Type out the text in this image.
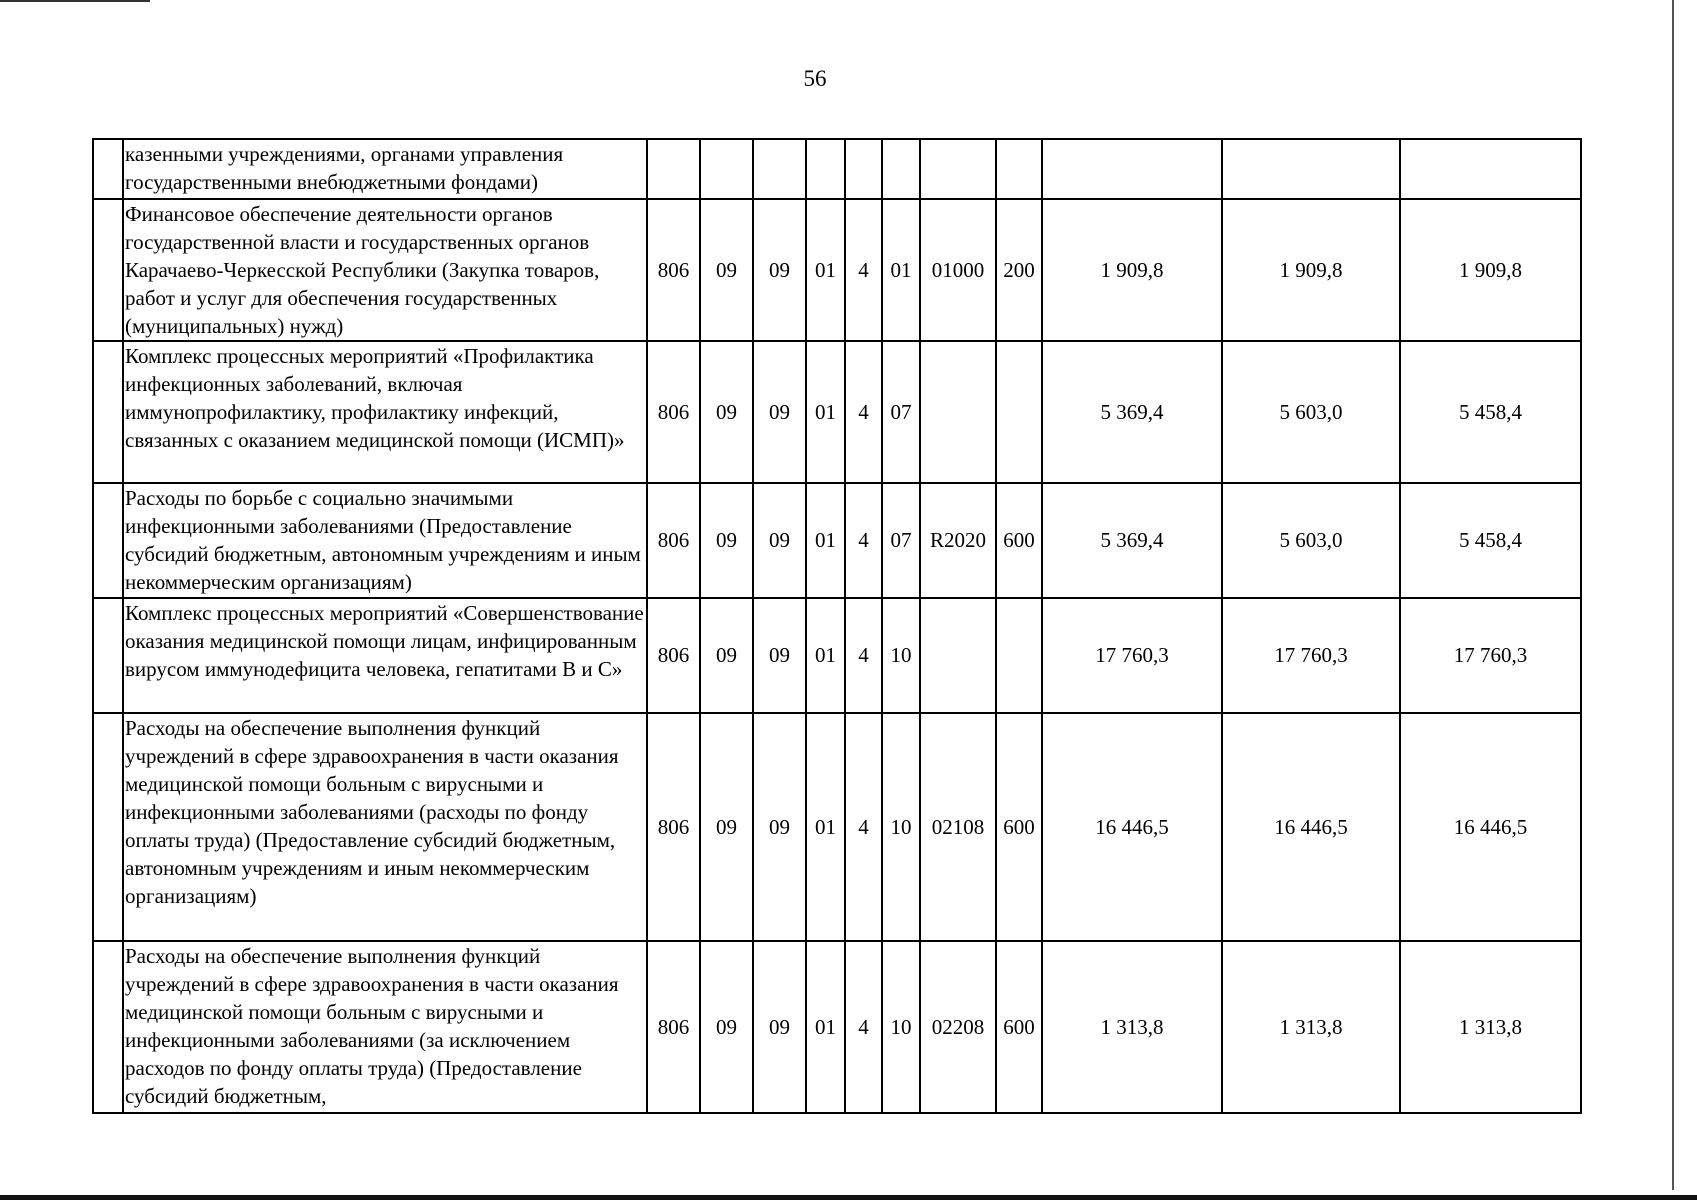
56
	казенными учреждениями, органами управления государственными внебюджетными фондами)											
	Финансовое обеспечение деятельности органов государственной власти и государственных органов Карачаево-Черкесской Республики (Закупка товаров, работ и услуг для обеспечения государственных (муниципальных) нужд)	806	09	09	01	4	01	01000	200	1 909,8	1 909,8	1 909,8
	Комплекс процессных мероприятий «Профилактика инфекционных заболеваний, включая иммунопрофилактику, профилактику инфекций, связанных с оказанием медицинской помощи (ИСМП)»	806	09	09	01	4	07			5 369,4	5 603,0	5 458,4
	Расходы по борьбе с социально значимыми инфекционными заболеваниями (Предоставление субсидий бюджетным, автономным учреждениям и иным некоммерческим организациям)	806	09	09	01	4	07	R2020	600	5 369,4	5 603,0	5 458,4
	Комплекс процессных мероприятий «Совершенствование оказания медицинской помощи лицам, инфицированным вирусом иммунодефицита человека, гепатитами В и С»	806	09	09	01	4	10			17 760,3	17 760,3	17 760,3
	Расходы на обеспечение выполнения функций учреждений в сфере здравоохранения в части оказания медицинской помощи больным с вирусными и инфекционными заболеваниями (расходы по фонду оплаты труда) (Предоставление субсидий бюджетным, автономным учреждениям и иным некоммерческим организациям)	806	09	09	01	4	10	02108	600	16 446,5	16 446,5	16 446,5
	Расходы на обеспечение выполнения функций учреждений в сфере здравоохранения в части оказания медицинской помощи больным с вирусными и инфекционными заболеваниями (за исключением расходов по фонду оплаты труда) (Предоставление субсидий бюджетным,	806	09	09	01	4	10	02208	600	1 313,8	1 313,8	1 313,8
